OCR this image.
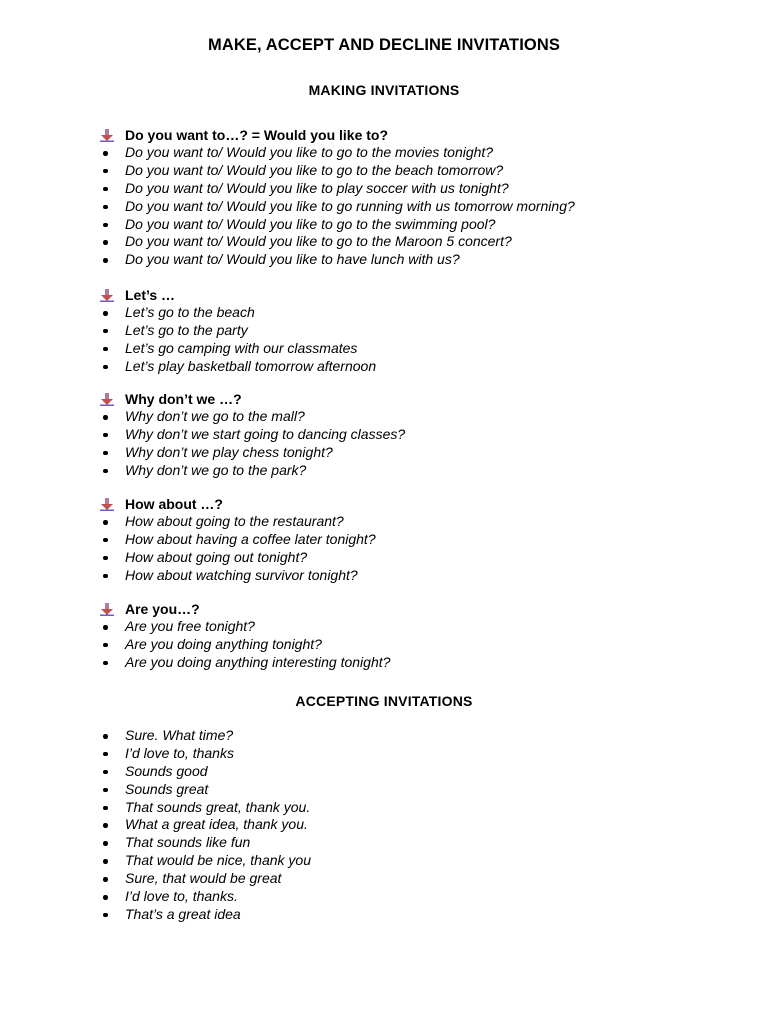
MAKE, ACCEPT AND DECLINE INVITATIONS
MAKING INVITATIONS
Do you want to…? = Would you like to?
Do you want to/ Would you like to go to the movies tonight?
Do you want to/ Would you like to go to the beach tomorrow?
Do you want to/ Would you like to play soccer with us tonight?
Do you want to/ Would you like to go running with us tomorrow morning?
Do you want to/ Would you like to go to the swimming pool?
Do you want to/ Would you like to go to the Maroon 5 concert?
Do you want to/ Would you like to have lunch with us?
Let’s …
Let’s go to the beach
Let’s go to the party
Let’s go camping with our classmates
Let’s play basketball tomorrow afternoon
Why don’t we …?
Why don’t we go to the mall?
Why don’t we start going to dancing classes?
Why don’t we play chess tonight?
Why don’t we go to the park?
How about …?
How about going to the restaurant?
How about having a coffee later tonight?
How about going out tonight?
How about watching survivor tonight?
Are you…?
Are you free tonight?
Are you doing anything tonight?
Are you doing anything interesting tonight?
ACCEPTING INVITATIONS
Sure. What time?
I’d love to, thanks
Sounds good
Sounds great
That sounds great, thank you.
What a great idea, thank you.
That sounds like fun
That would be nice, thank you
Sure, that would be great
I’d love to, thanks.
That’s a great idea
